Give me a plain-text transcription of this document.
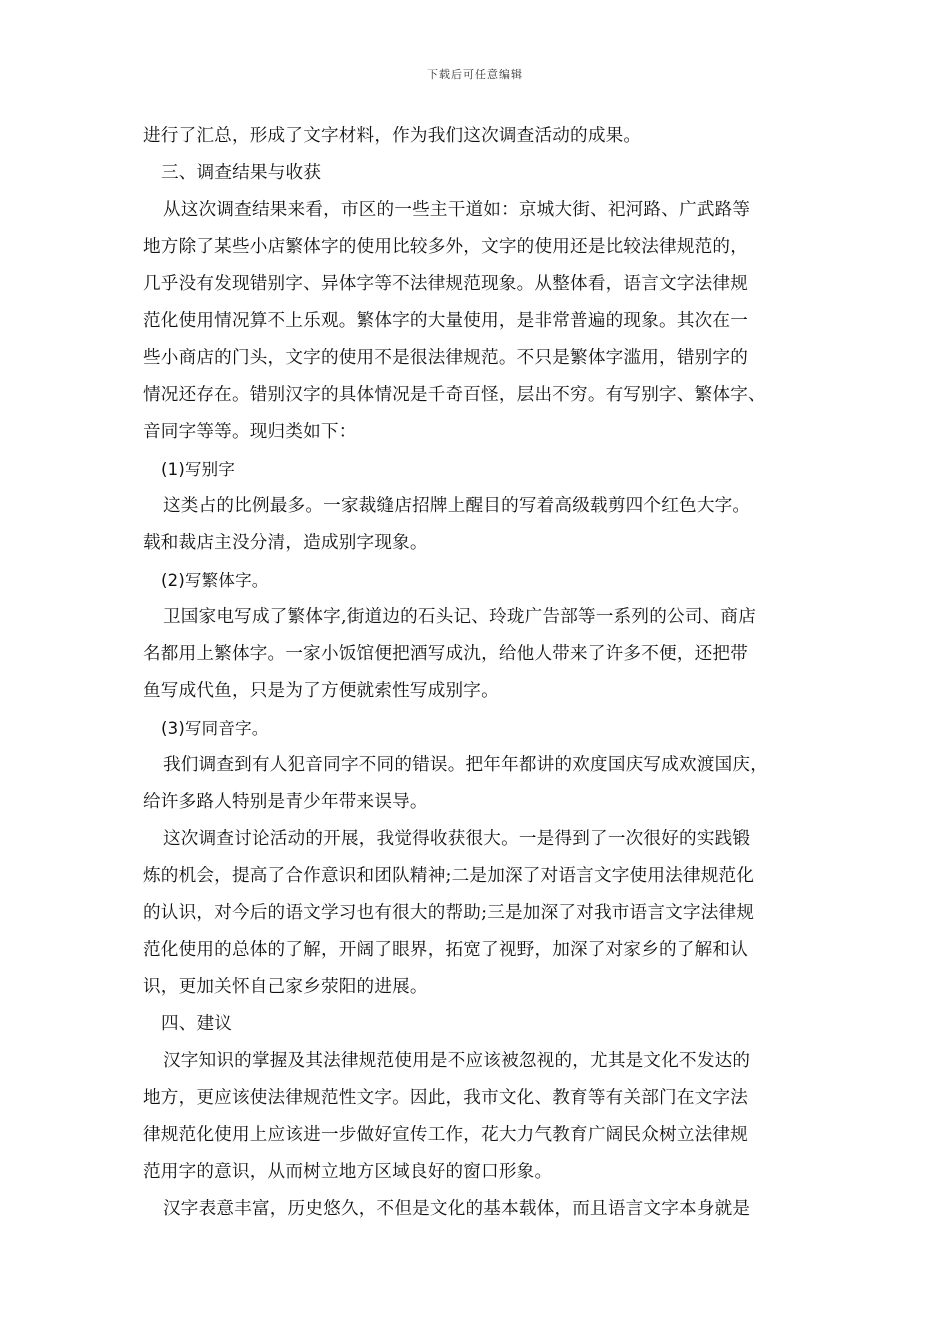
下载后可任意编辑
进行了汇总，形成了文字材料，作为我们这次调查活动的成果。
三、调查结果与收获
从这次调查结果来看，市区的一些主干道如：京城大街、祀河路、广武路等
地方除了某些小店繁体字的使用比较多外，文字的使用还是比较法律规范的，
几乎没有发现错别字、异体字等不法律规范现象。从整体看，语言文字法律规
范化使用情况算不上乐观。繁体字的大量使用，是非常普遍的现象。其次在一
些小商店的门头，文字的使用不是很法律规范。不只是繁体字滥用，错别字的
情况还存在。错别汉字的具体情况是千奇百怪，层出不穷。有写别字、繁体字、
音同字等等。现归类如下：
(1)写别字
这类占的比例最多。一家裁缝店招牌上醒目的写着高级载剪四个红色大字。
载和裁店主没分清，造成别字现象。
(2)写繁体字。
卫国家电写成了繁体字,街道边的石头记、玲珑广告部等一系列的公司、商店
名都用上繁体字。一家小饭馆便把酒写成氿，给他人带来了许多不便，还把带
鱼写成代鱼，只是为了方便就索性写成别字。
(3)写同音字。
我们调查到有人犯音同字不同的错误。把年年都讲的欢度国庆写成欢渡国庆，
给许多路人特别是青少年带来误导。
这次调查讨论活动的开展，我觉得收获很大。一是得到了一次很好的实践锻
炼的机会，提高了合作意识和团队精神;二是加深了对语言文字使用法律规范化
的认识，对今后的语文学习也有很大的帮助;三是加深了对我市语言文字法律规
范化使用的总体的了解，开阔了眼界，拓宽了视野，加深了对家乡的了解和认
识，更加关怀自己家乡荥阳的进展。
四、建议
汉字知识的掌握及其法律规范使用是不应该被忽视的，尤其是文化不发达的
地方，更应该使法律规范性文字。因此，我市文化、教育等有关部门在文字法
律规范化使用上应该进一步做好宣传工作，花大力气教育广阔民众树立法律规
范用字的意识，从而树立地方区域良好的窗口形象。
汉字表意丰富，历史悠久，不但是文化的基本载体，而且语言文字本身就是
